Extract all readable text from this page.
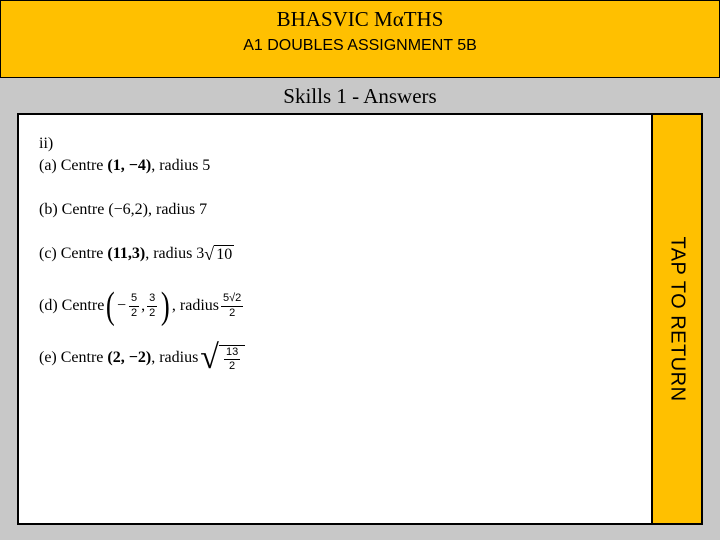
BHASVIC MαTHS
A1 DOUBLES ASSIGNMENT 5B
Skills 1 - Answers
ii)
(a) Centre
(1, −4) , radius
5
(b) Centre
(−6,2) , radius
7
(c) Centre
(11,3) , radius
3 √ 10
(d) Centre ( − $\frac{5}{2}$ , $\frac{3}{2}$ ) , radius $\frac{5√2}{2}$
(e) Centre
(2, −2) , radius √ $\frac{13}{2}$	TAP TO RETURN
